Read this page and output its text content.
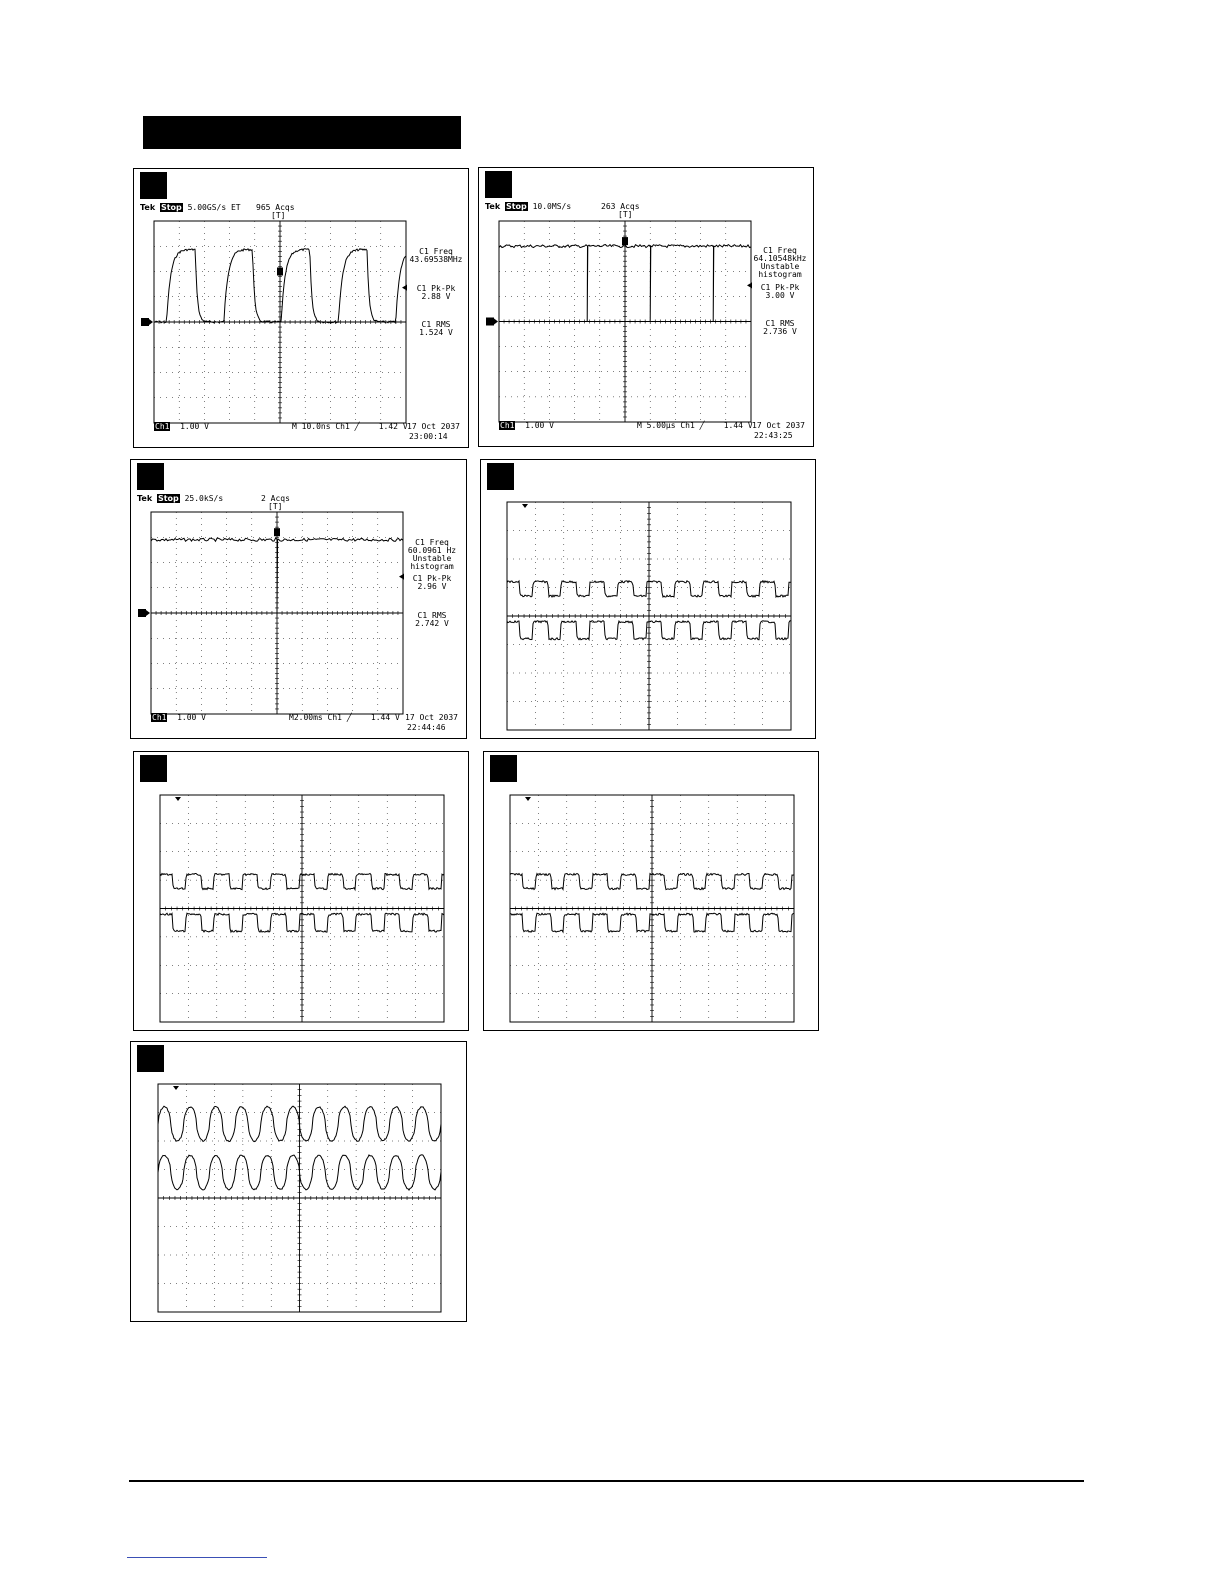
Tek Stop 5.00GS/s ET 965 Acqs
[T]
C1 Freq
43.69538MHz
C1 Pk-Pk
2.88 V
C1 RMS
1.524 V
Ch1 1.00 V	M 10.0ns Ch1 ╱ 1.42 V 17 Oct 2037
23:00:14
Tek Stop 10.0MS/s	263 Acqs
[T]
C1 Freq
64.10548kHz
Unstable
histogram
C1 Pk-Pk
3.00 V
C1 RMS
2.736 V
Ch1 1.00 V	M 5.00µs Ch1 ╱ 1.44 V 17 Oct 2037
22:43:25
Tek Stop 25.0kS/s	2 Acqs
[T]
C1 Freq
60.0961 Hz
Unstable
histogram
C1 Pk-Pk
2.96 V
C1 RMS
2.742 V
Ch1 1.00 V	M2.00ms Ch1 ╱ 1.44 V 17 Oct 2037
22:44:46
